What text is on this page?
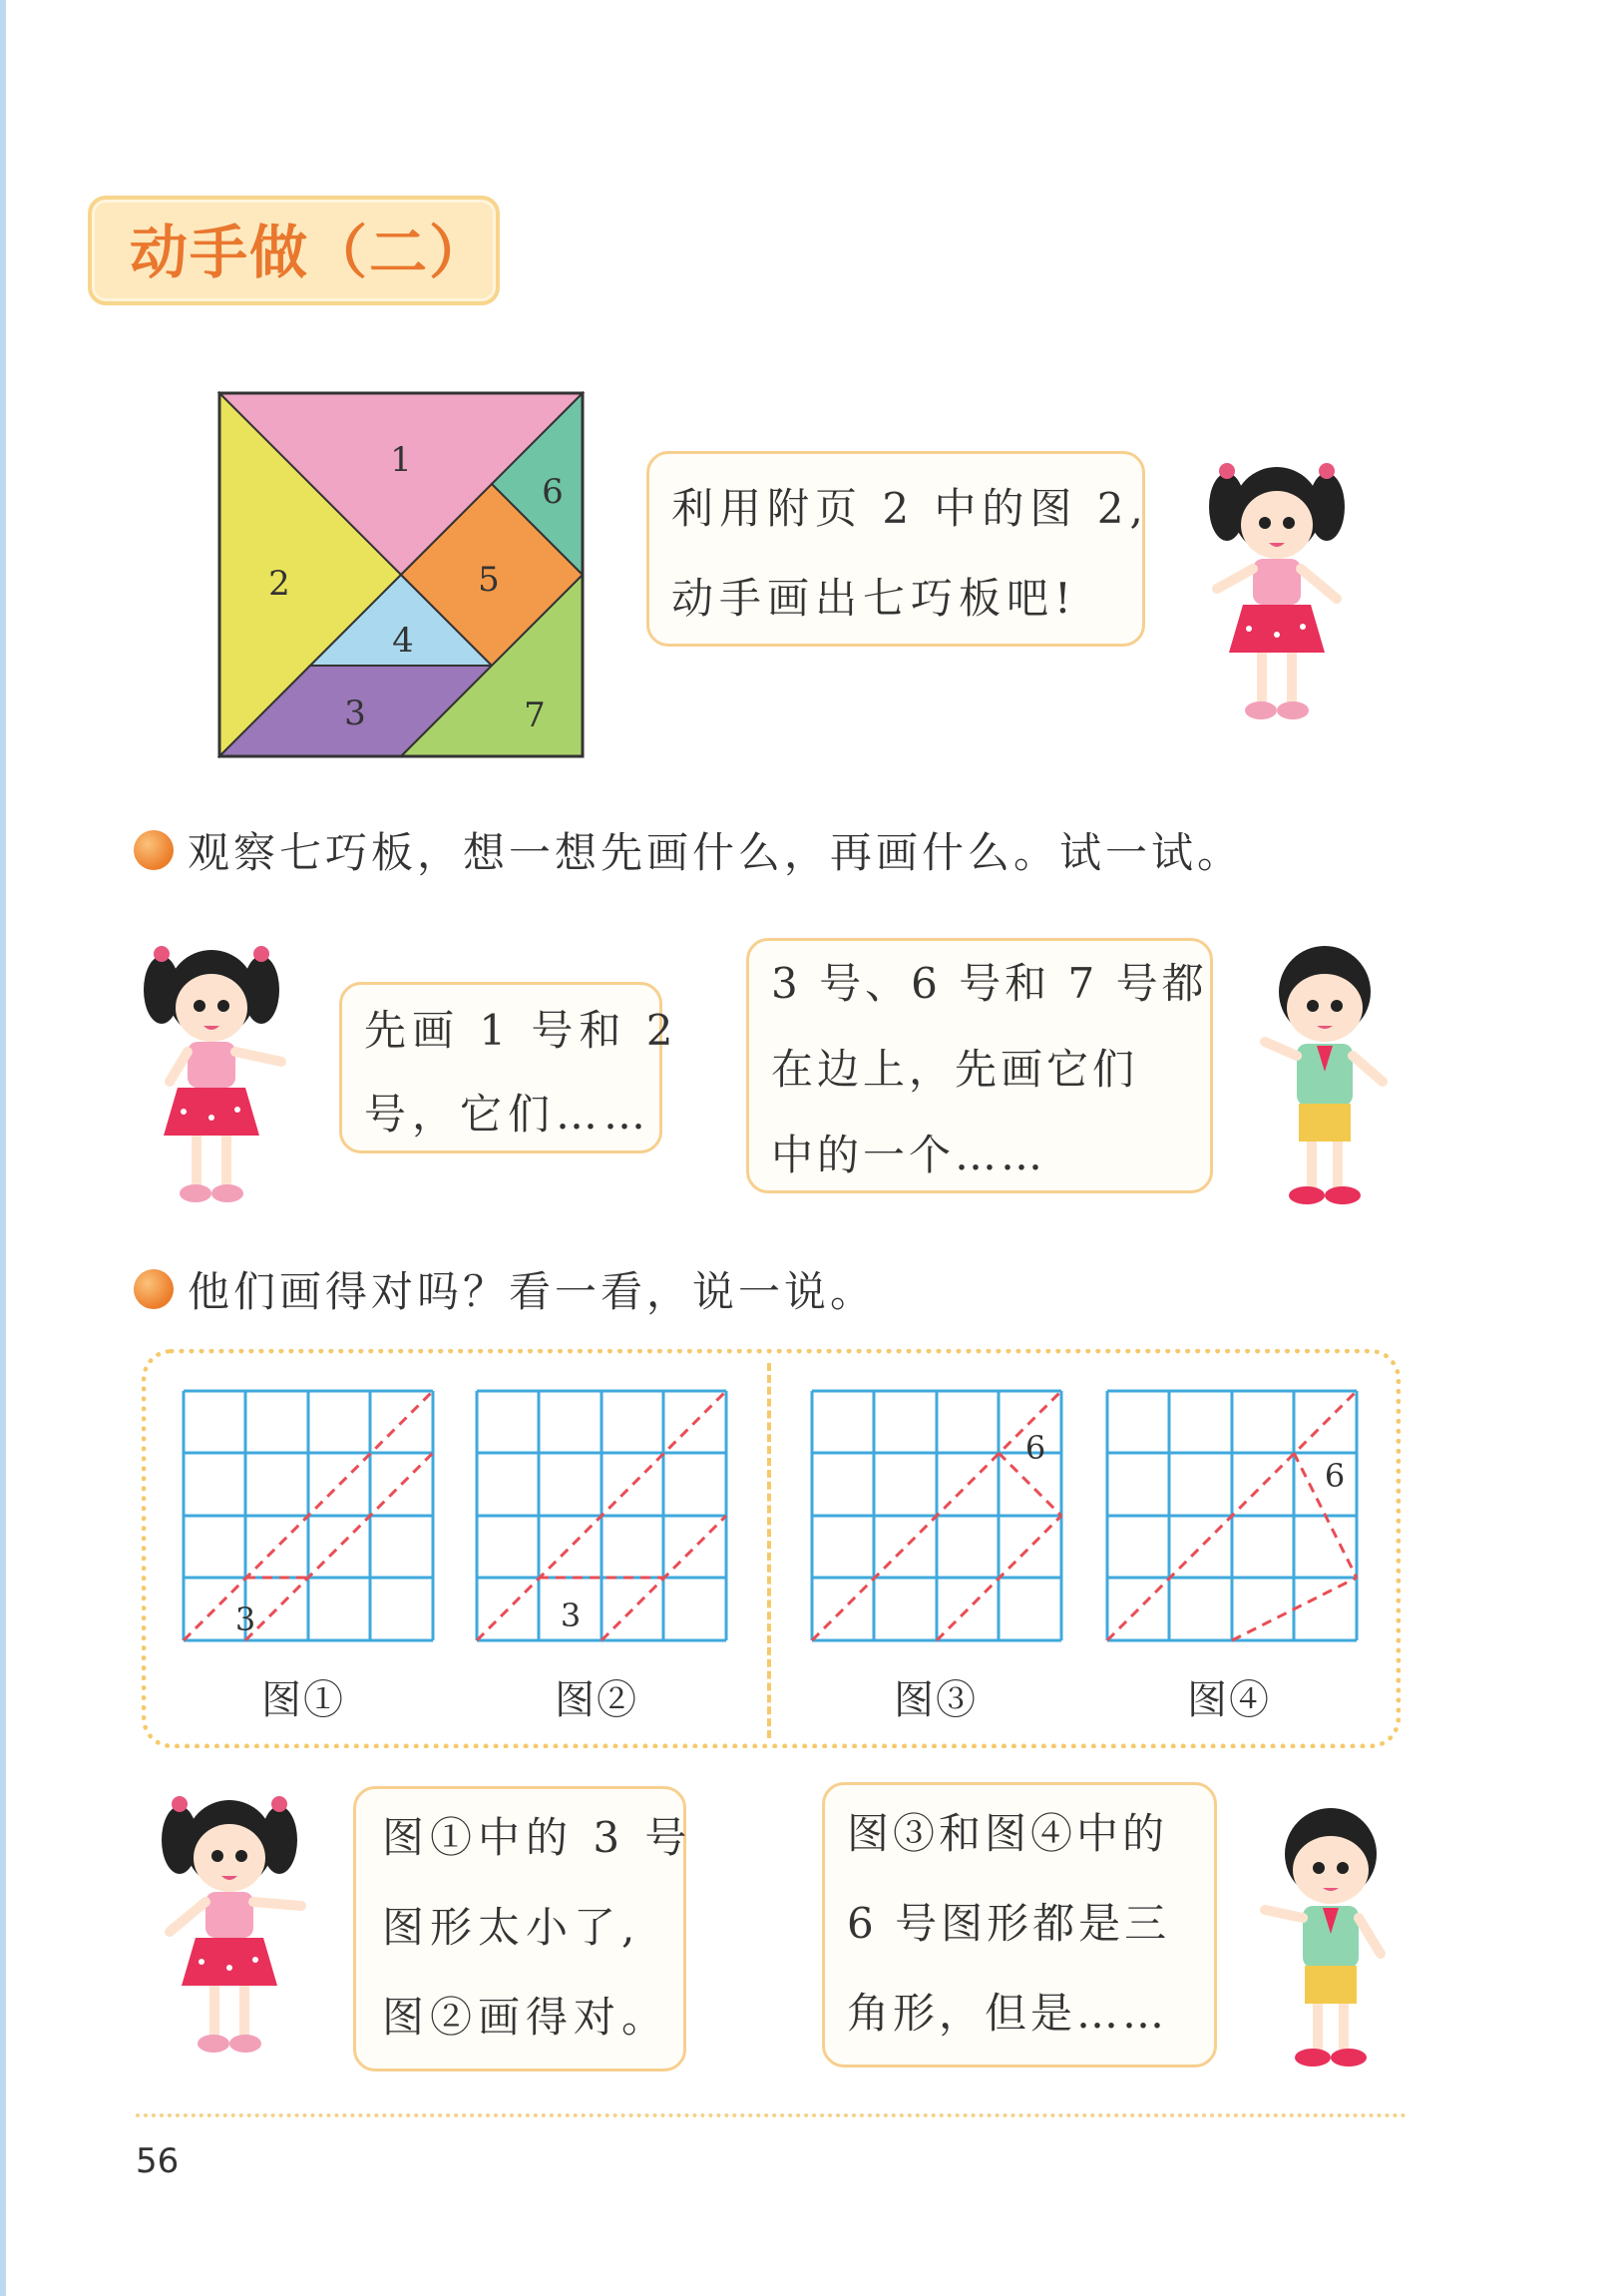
动手做（二）
1
2
3
4
5
6
7
利用附页 2 中的图 2,
动手画出七巧板吧!
观察七巧板，想一想先画什么，再画什么。试一试。
先画 1 号和 2
号，它们……
3 号、6 号和 7 号都
在边上，先画它们
中的一个……
他们画得对吗？看一看，说一说。
3	3
6
6
图①	图②	图③	图④
图①中的 3 号
图形太小了,
图②画得对。
图③和图④中的
6 号图形都是三
角形，但是……
56
